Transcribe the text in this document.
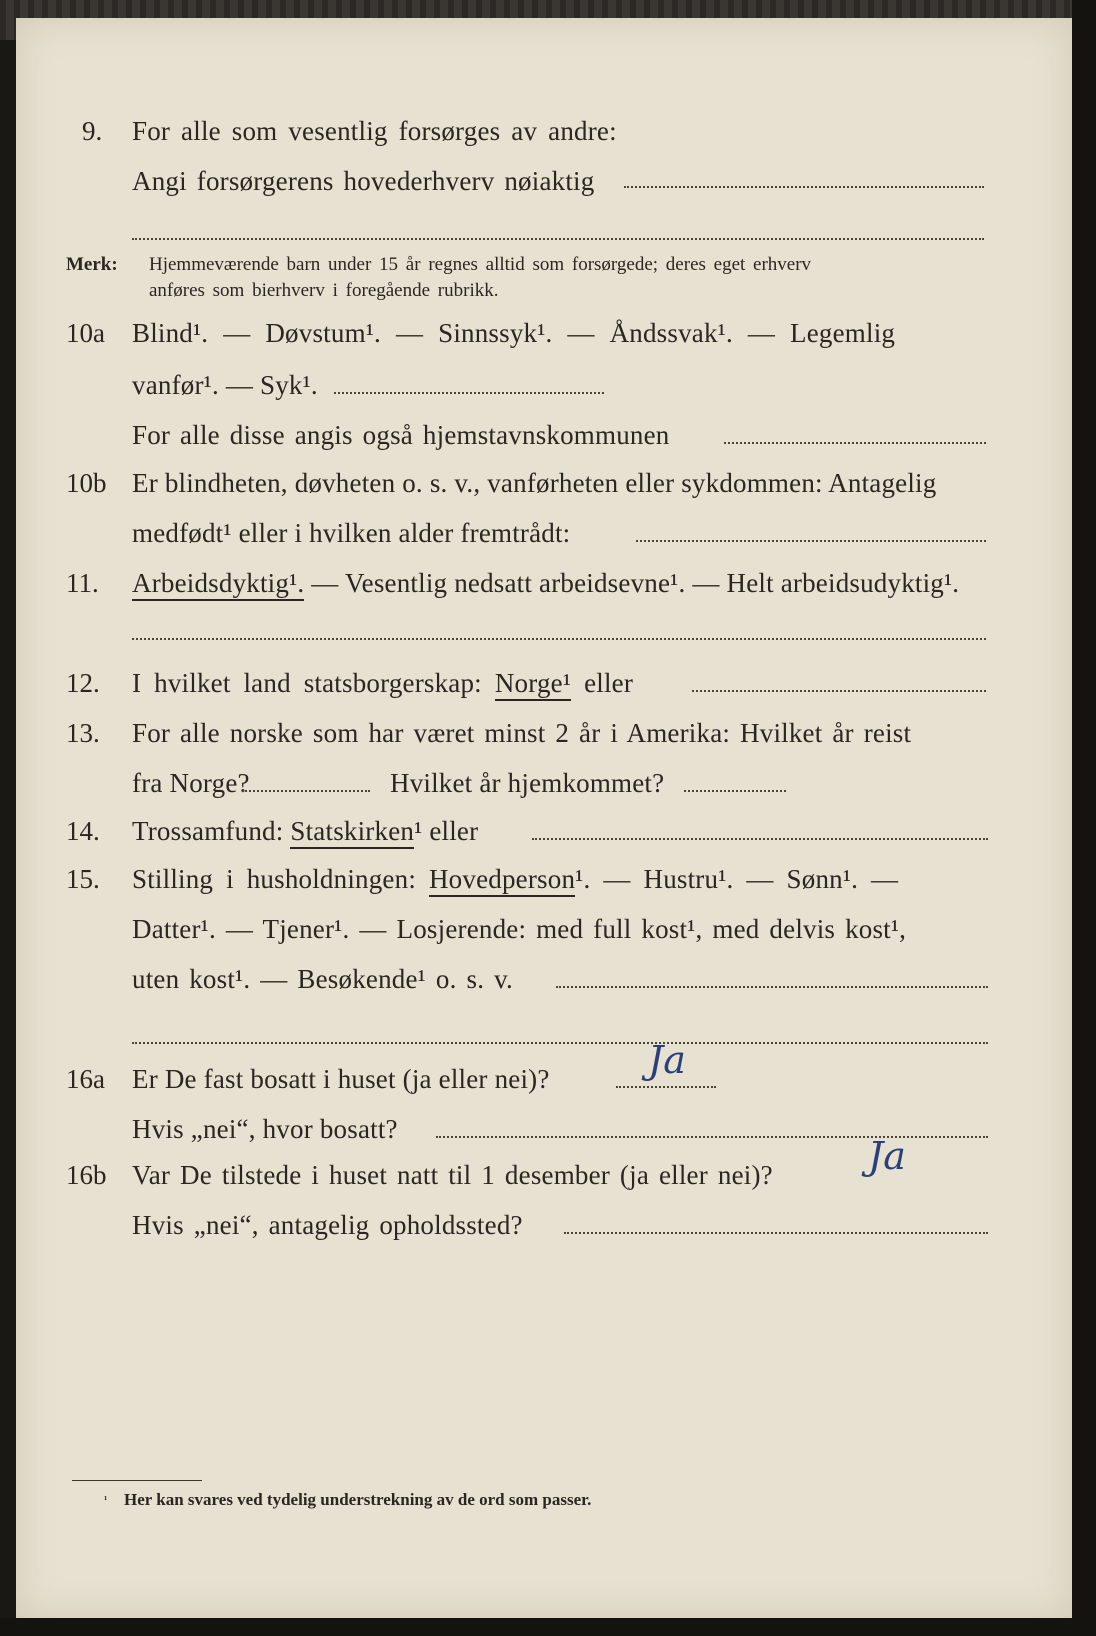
9. For alle som vesentlig forsørges av andre:
Angi forsørgerens hovederhverv nøiaktig
Merk: Hjemmeværende barn under 15 år regnes alltid som forsørgede; deres eget erhverv
anføres som bierhverv i foregående rubrikk.
10a Blind¹. — Døvstum¹. — Sinnssyk¹. — Åndssvak¹. — Legemlig
vanfør¹. — Syk¹.
For alle disse angis også hjemstavnskommunen
10b Er blindheten, døvheten o. s. v., vanførheten eller sykdommen: Antagelig
medfødt¹ eller i hvilken alder fremtrådt:
11. Arbeidsdyktig¹. — Vesentlig nedsatt arbeidsevne¹. — Helt arbeidsudyktig¹.
12. I hvilket land statsborgerskap: Norge¹ eller
13. For alle norske som har været minst 2 år i Amerika: Hvilket år reist
fra Norge?	Hvilket år hjemkommet?
14. Trossamfund: Statskirken¹ eller
15. Stilling i husholdningen: Hovedperson¹. — Hustru¹. — Sønn¹. —
Datter¹. — Tjener¹. — Losjerende: med full kost¹, med delvis kost¹,
uten kost¹. — Besøkende¹ o. s. v.
16a Er De fast bosatt i huset (ja eller nei)?	Ja
Hvis „nei“, hvor bosatt?
16b Var De tilstede i huset natt til 1 desember (ja eller nei)?	Ja
Hvis „nei“, antagelig opholdssted?
¹ Her kan svares ved tydelig understrekning av de ord som passer.
